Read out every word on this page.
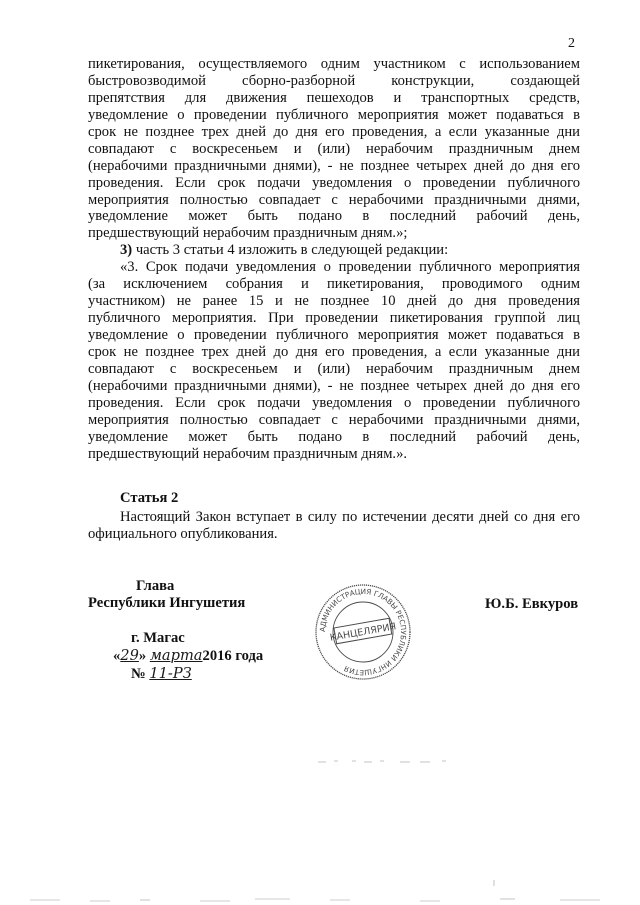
2
пикетирования, осуществляемого одним участником с использованием
быстровозводимой сборно-разборной конструкции, создающей
препятствия для движения пешеходов и транспортных средств,
уведомление о проведении публичного мероприятия может подаваться в
срок не позднее трех дней до дня его проведения, а если указанные дни
совпадают с воскресеньем и (или) нерабочим праздничным днем
(нерабочими праздничными днями), - не позднее четырех дней до дня его
проведения. Если срок подачи уведомления о проведении публичного
мероприятия полностью совпадает с нерабочими праздничными днями,
уведомление может быть подано в последний рабочий день,
предшествующий нерабочим праздничным дням.»;
3) часть 3 статьи 4 изложить в следующей редакции:
«3. Срок подачи уведомления о проведении публичного мероприятия
(за исключением собрания и пикетирования, проводимого одним
участником) не ранее 15 и не позднее 10 дней до дня проведения
публичного мероприятия. При проведении пикетирования группой лиц
уведомление о проведении публичного мероприятия может подаваться в
срок не позднее трех дней до дня его проведения, а если указанные дни
совпадают с воскресеньем и (или) нерабочим праздничным днем
(нерабочими праздничными днями), - не позднее четырех дней до дня его
проведения. Если срок подачи уведомления о проведении публичного
мероприятия полностью совпадает с нерабочими праздничными днями,
уведомление может быть подано в последний рабочий день,
предшествующий нерабочим праздничным дням.».
Статья 2
Настоящий Закон вступает в силу по истечении десяти дней со дня его
официального опубликования.
Глава
Республики Ингушетия	Ю.Б. Евкуров
г. Магас
«29» марта2016 года
№ 11-РЗ
АДМИНИСТРАЦИЯ ГЛАВЫ РЕСПУБЛИКИ ИНГУШЕТИЯ
КАНЦЕЛЯРИЯ
